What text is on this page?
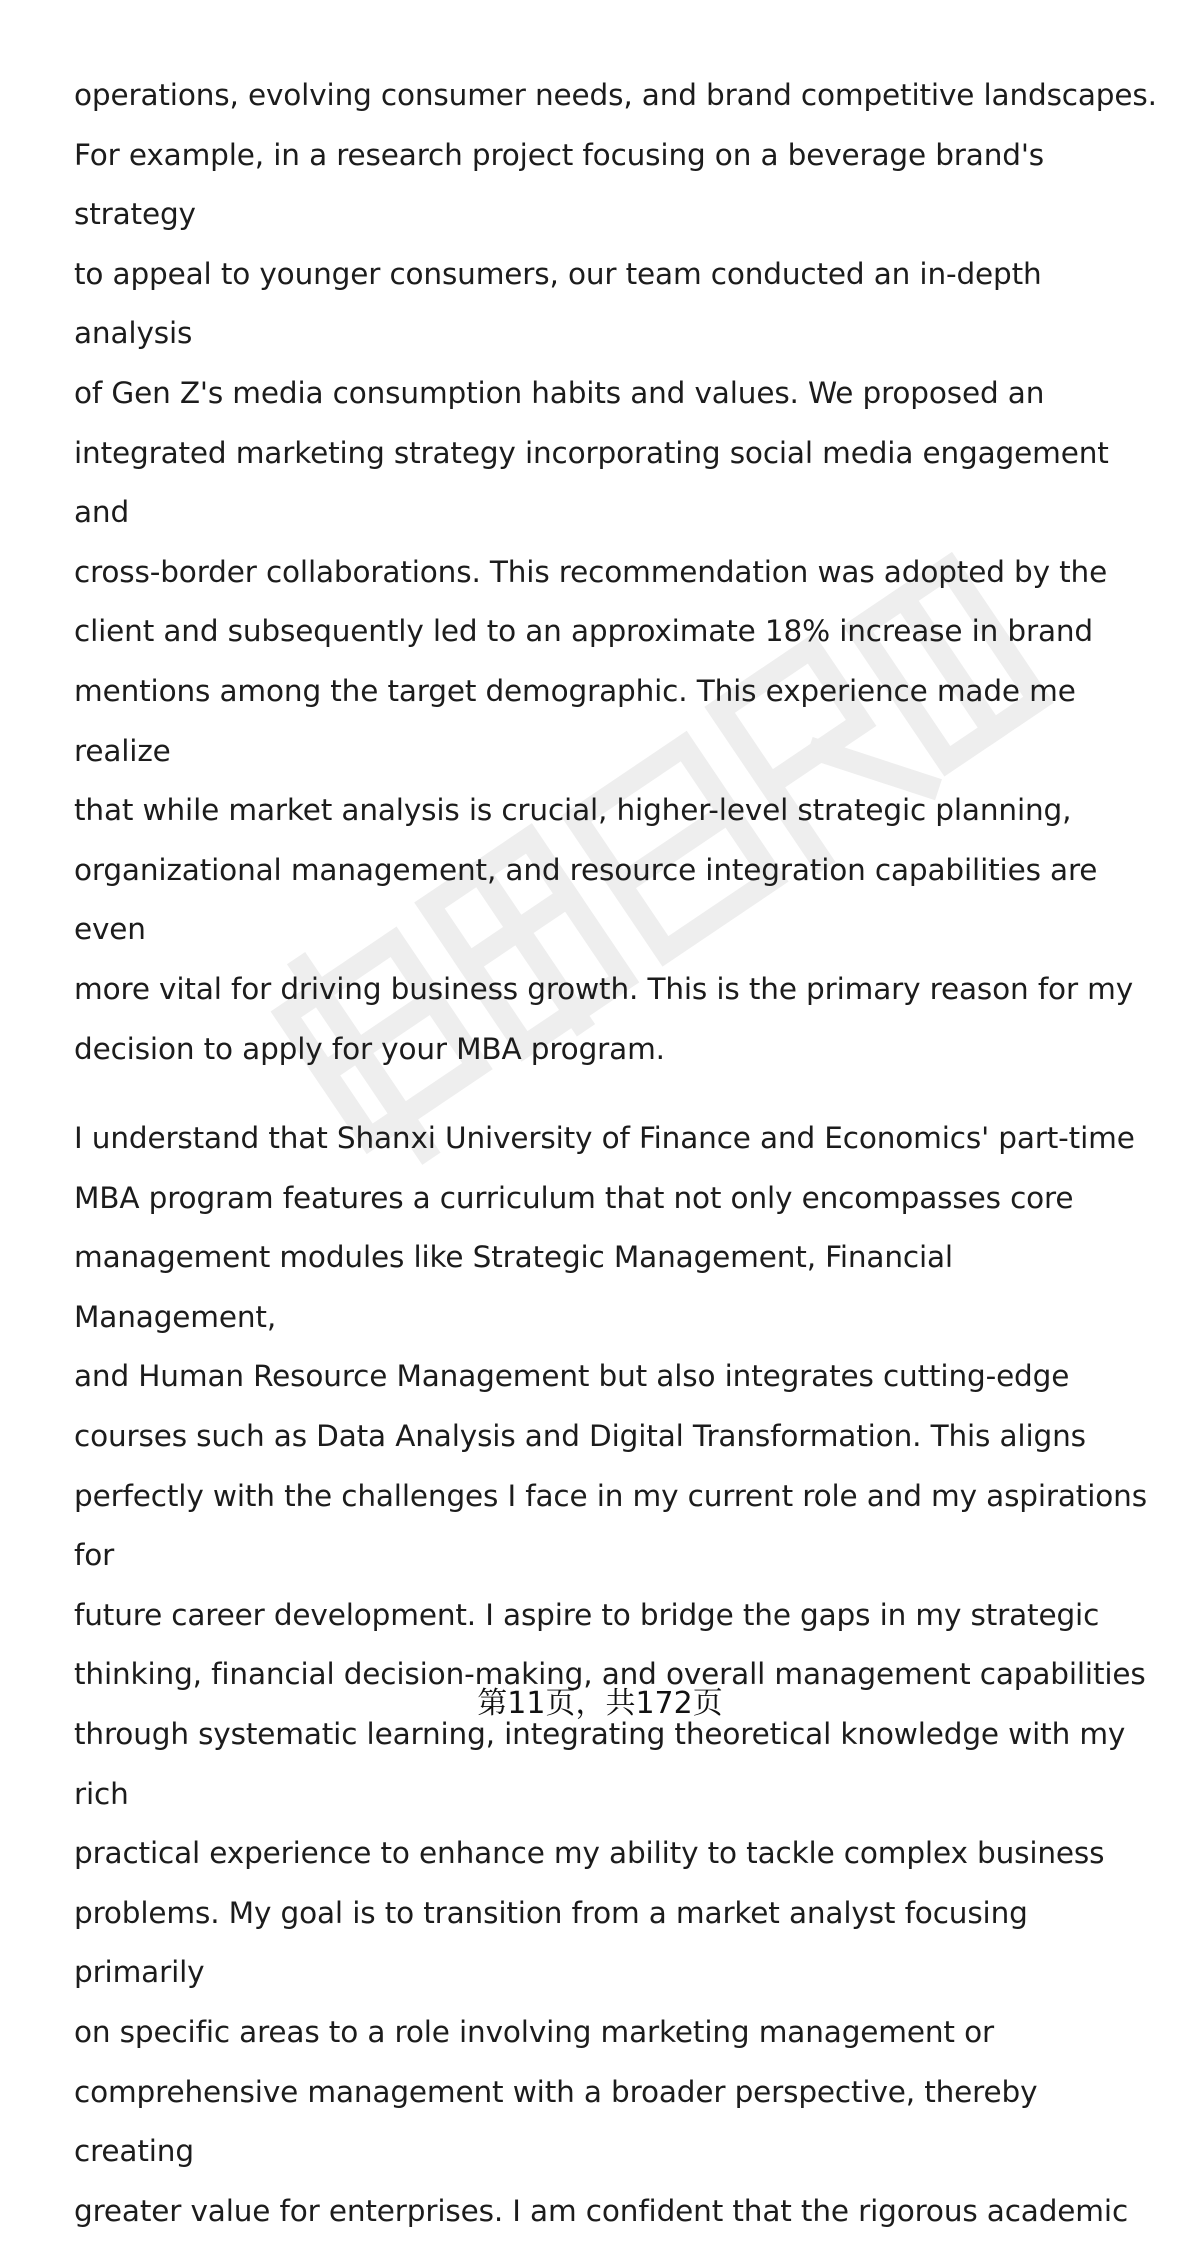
operations, evolving consumer needs, and brand competitive landscapes.
For example, in a research project focusing on a beverage brand's strategy
to appeal to younger consumers, our team conducted an in-depth analysis
of Gen Z's media consumption habits and values. We proposed an
integrated marketing strategy incorporating social media engagement and
cross-border collaborations. This recommendation was adopted by the
client and subsequently led to an approximate 18% increase in brand
mentions among the target demographic. This experience made me realize
that while market analysis is crucial, higher-level strategic planning,
organizational management, and resource integration capabilities are even
more vital for driving business growth. This is the primary reason for my
decision to apply for your MBA program.

I understand that Shanxi University of Finance and Economics' part-time
MBA program features a curriculum that not only encompasses core
management modules like Strategic Management, Financial Management,
and Human Resource Management but also integrates cutting-edge
courses such as Data Analysis and Digital Transformation. This aligns
perfectly with the challenges I face in my current role and my aspirations for
future career development. I aspire to bridge the gaps in my strategic
thinking, financial decision-making, and overall management capabilities
through systematic learning, integrating theoretical knowledge with my rich
practical experience to enhance my ability to tackle complex business
problems. My goal is to transition from a market analyst focusing primarily
on specific areas to a role involving marketing management or
comprehensive management with a broader perspective, thereby creating
greater value for enterprises. I am confident that the rigorous academic

第11页，共172页
